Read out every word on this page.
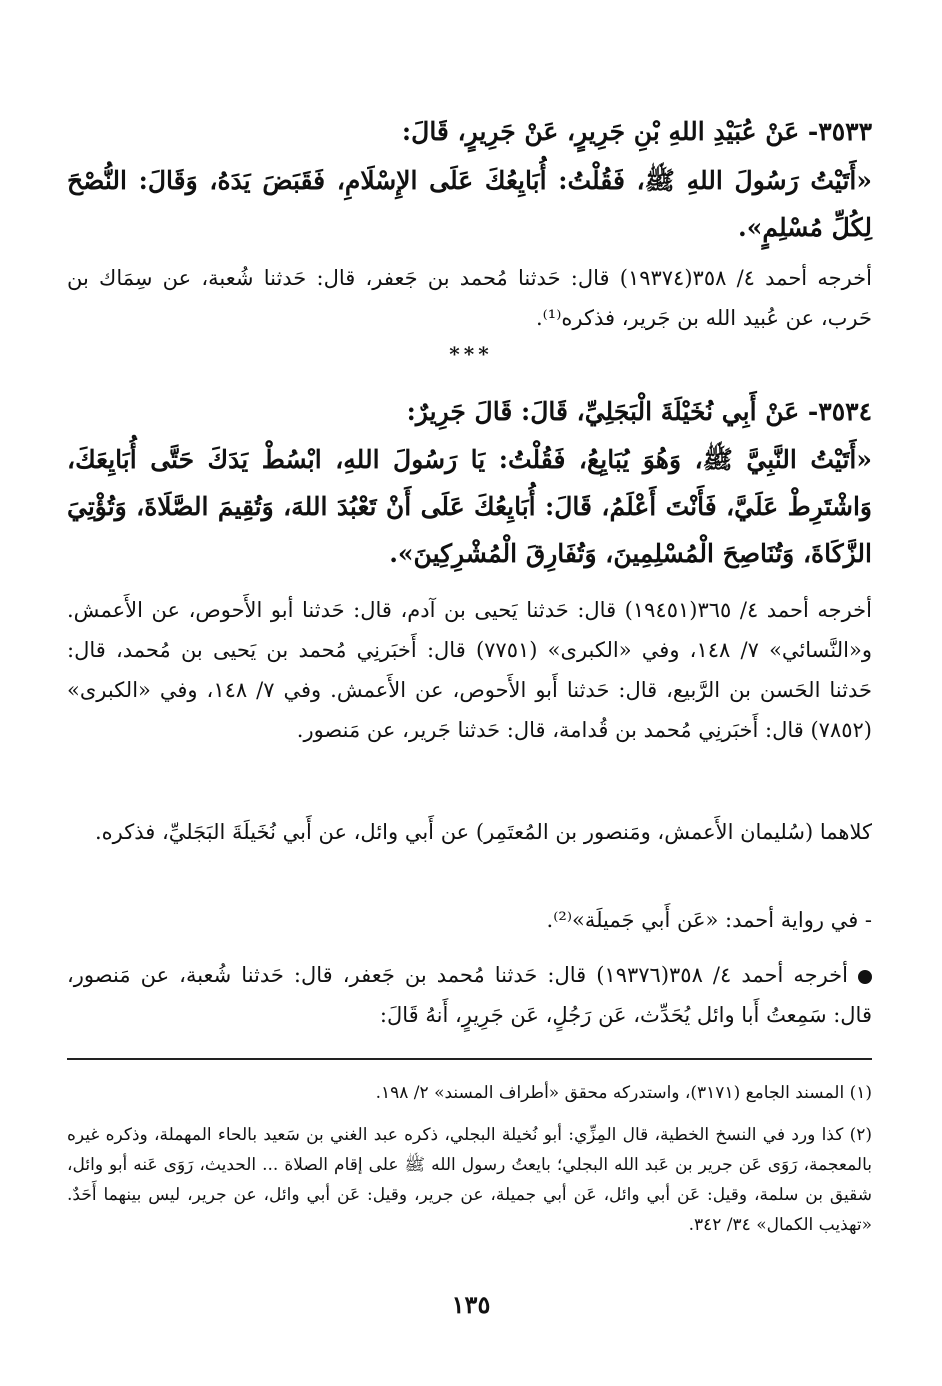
٣٥٣٣- عَنْ عُبَيْدِ اللهِ بْنِ جَرِيرٍ، عَنْ جَرِيرٍ، قَالَ:

«أَتَيْتُ رَسُولَ اللهِ ﷺ، فَقُلْتُ: أُبَايِعُكَ عَلَى الإِسْلَامِ، فَقَبَضَ يَدَهُ، وَقَالَ: النُّصْحَ لِكُلِّ مُسْلِمٍ».

أخرجه أحمد ٤/ ٣٥٨(١٩٣٧٤) قال: حَدثنا مُحمد بن جَعفر، قال: حَدثنا شُعبة، عن سِمَاك بن حَرب، عن عُبيد الله بن جَرير، فذكره⁽¹⁾.

***

٣٥٣٤- عَنْ أَبِي نُخَيْلَةَ الْبَجَلِيِّ، قَالَ: قَالَ جَرِيرٌ:

«أَتَيْتُ النَّبِيَّ ﷺ، وَهُوَ يُبَايِعُ، فَقُلْتُ: يَا رَسُولَ اللهِ، ابْسُطْ يَدَكَ حَتَّى أُبَايِعَكَ، وَاشْتَرِطْ عَلَيَّ، فَأَنْتَ أَعْلَمُ، قَالَ: أُبَايِعُكَ عَلَى أَنْ تَعْبُدَ اللهَ، وَتُقِيمَ الصَّلَاةَ، وَتُؤْتِيَ الزَّكَاةَ، وَتُنَاصِحَ الْمُسْلِمِينَ، وَتُفَارِقَ الْمُشْرِكِينَ».

أخرجه أحمد ٤/ ٣٦٥(١٩٤٥١) قال: حَدثنا يَحيى بن آدم، قال: حَدثنا أبو الأَحوص، عن الأَعمش. و«النَّسائي» ٧/ ١٤٨، وفي «الكبرى» (٧٧٥١) قال: أَخبَرنِي مُحمد بن يَحيى بن مُحمد، قال: حَدثنا الحَسن بن الرَّبيع، قال: حَدثنا أَبو الأَحوص، عن الأَعمش. وفي ٧/ ١٤٨، وفي «الكبرى» (٧٨٥٢) قال: أَخبَرنِي مُحمد بن قُدامة، قال: حَدثنا جَرير، عن مَنصور.

كلاهما (سُليمان الأَعمش، ومَنصور بن المُعتَمِر) عن أَبي وائل، عن أَبي نُخَيلَةَ البَجَليِّ، فذكره.

- في رواية أحمد: «عَن أَبي جَميلَة»⁽²⁾.

أخرجه أحمد ٤/ ٣٥٨(١٩٣٧٦) قال: حَدثنا مُحمد بن جَعفر، قال: حَدثنا شُعبة، عن مَنصور، قال: سَمِعتُ أَبا وائل يُحَدِّث، عَن رَجُلٍ، عَن جَرِيرٍ، أَنهُ قَالَ:

(١) المسند الجامع (٣١٧١)، واستدركه محقق «أطراف المسند» ٢/ ١٩٨.

(٢) كذا ورد في النسخ الخطية، قال المِزِّي: أبو نُخيلة البجلي، ذكره عبد الغني بن سَعيد بالحاء المهملة، وذكره غيره بالمعجمة، رَوَى عَن جرير بن عَبد الله البجلي؛ بايعتُ رسول الله ﷺ على إقام الصلاة ... الحديث، رَوَى عَنه أبو وائل، شقيق بن سلمة، وقيل: عَن أبي وائل، عَن أبي جميلة، عن جرير، وقيل: عَن أبي وائل، عن جرير، ليس بينهما أَحَدٌ. «تهذيب الكمال» ٣٤/ ٣٤٢.

١٣٥
